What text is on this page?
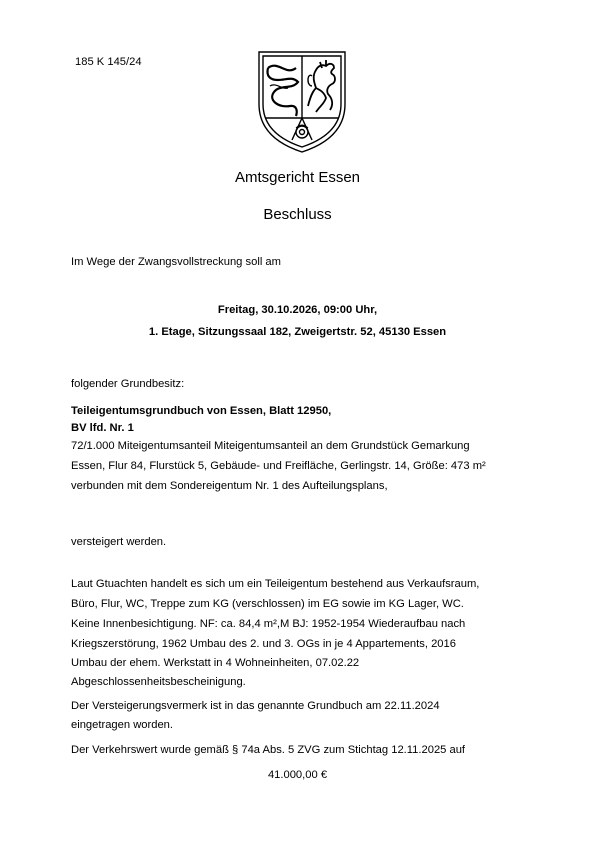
185 K 145/24
Amtsgericht Essen
Beschluss
Im Wege der Zwangsvollstreckung soll am
Freitag, 30.10.2026, 09:00 Uhr,
1. Etage, Sitzungssaal 182, Zweigertstr. 52, 45130 Essen
folgender Grundbesitz:
Teileigentumsgrundbuch von Essen, Blatt 12950,
BV lfd. Nr. 1
72/1.000 Miteigentumsanteil Miteigentumsanteil an dem Grundstück Gemarkung
Essen, Flur 84, Flurstück 5, Gebäude- und Freifläche, Gerlingstr. 14, Größe: 473 m²
verbunden mit dem Sondereigentum Nr. 1 des Aufteilungsplans,
versteigert werden.
Laut Gtuachten handelt es sich um ein Teileigentum bestehend aus Verkaufsraum,
Büro, Flur, WC, Treppe zum KG (verschlossen) im EG sowie im KG Lager, WC.
Keine Innenbesichtigung. NF: ca. 84,4 m²,M BJ: 1952-1954 Wiederaufbau nach
Kriegszerstörung, 1962 Umbau des 2. und 3. OGs in je 4 Appartements, 2016
Umbau der ehem. Werkstatt in 4 Wohneinheiten, 07.02.22
Abgeschlossenheitsbescheinigung.
Der Versteigerungsvermerk ist in das genannte Grundbuch am 22.11.2024
eingetragen worden.
Der Verkehrswert wurde gemäß § 74a Abs. 5 ZVG zum Stichtag 12.11.2025 auf
41.000,00 €
